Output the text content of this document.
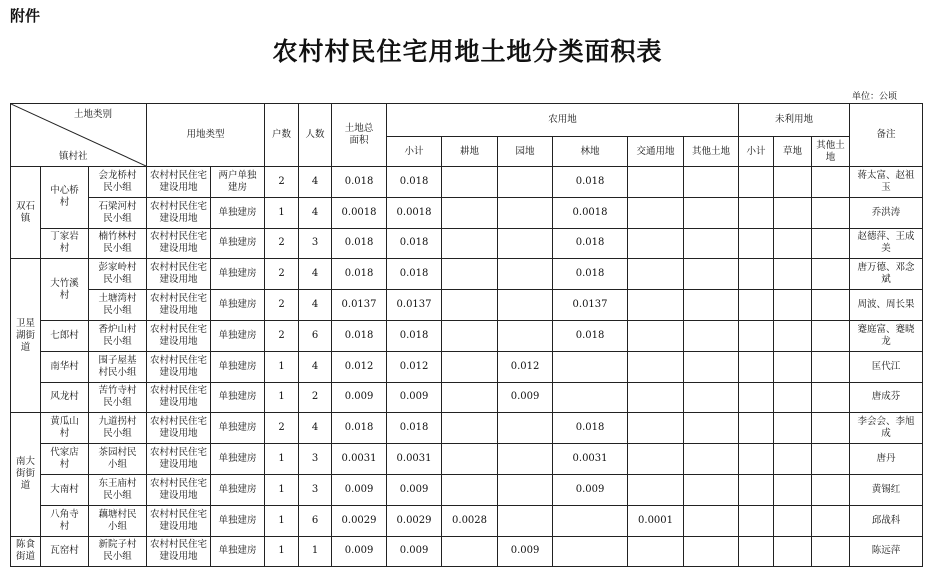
附件
农村村民住宅用地土地分类面积表
单位：公顷
土地类别
镇村社			用地类型		户数	人数	土地总面积	农用地						未利用地			备注
								小计	耕地	园地	林地	交通用地	其他土地	小计	草地	其他土地	
双石镇	中心桥村	会龙桥村民小组	农村村民住宅建设用地	两户单独建房	2	4	0.018	0.018			0.018						蒋太富、赵祖玉
		石梁河村民小组	农村村民住宅建设用地	单独建房	1	4	0.0018	0.0018			0.0018						乔洪涛
	丁家岩村	楠竹林村民小组	农村村民住宅建设用地	单独建房	2	3	0.018	0.018			0.018						赵德萍、王成美
卫星湖街道	大竹溪村	彭家岭村民小组	农村村民住宅建设用地	单独建房	2	4	0.018	0.018			0.018						唐万德、邓念斌
		土塘湾村民小组	农村村民住宅建设用地	单独建房	2	4	0.0137	0.0137			0.0137						周波、周长果
	七郎村	香炉山村民小组	农村村民住宅建设用地	单独建房	2	6	0.018	0.018			0.018						蹇庭富、蹇晓龙
	南华村	围子屋基村民小组	农村村民住宅建设用地	单独建房	1	4	0.012	0.012		0.012							匡代江
	风龙村	苦竹寺村民小组	农村村民住宅建设用地	单独建房	1	2	0.009	0.009		0.009							唐成芬
南大街街道	黄瓜山村	九道拐村民小组	农村村民住宅建设用地	单独建房	2	4	0.018	0.018			0.018						李会会、李旭成
	代家店村	茶园村民小组	农村村民住宅建设用地	单独建房	1	3	0.0031	0.0031			0.0031						唐丹
	大南村	东王庙村民小组	农村村民住宅建设用地	单独建房	1	3	0.009	0.009			0.009						黄锡红
	八角寺村	藕塘村民小组	农村村民住宅建设用地	单独建房	1	6	0.0029	0.0029	0.0028			0.0001					邱战科
陈食街道	瓦窑村	新院子村民小组	农村村民住宅建设用地	单独建房	1	1	0.009	0.009		0.009							陈远萍
